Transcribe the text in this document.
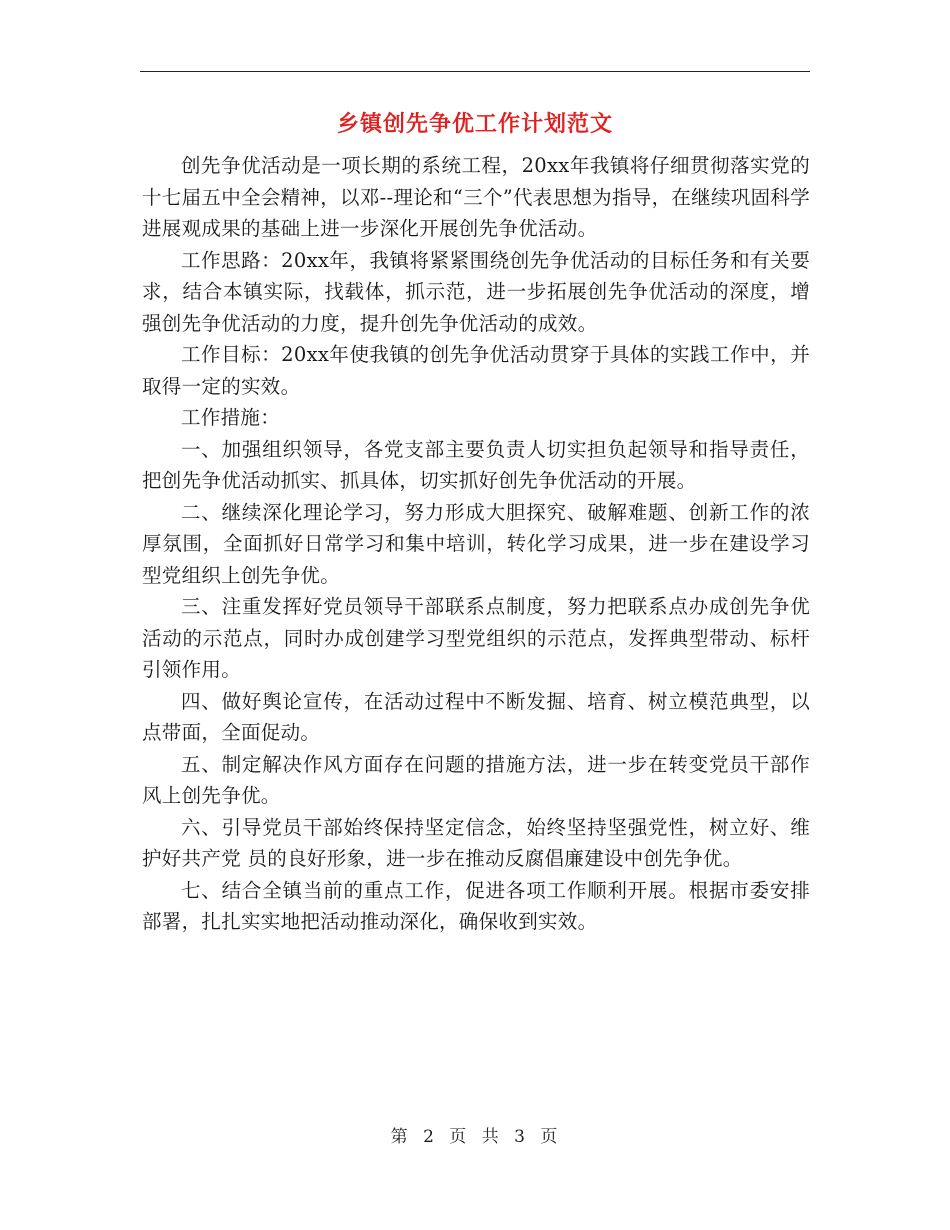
乡镇创先争优工作计划范文

创先争优活动是一项长期的系统工程，20xx年我镇将仔细贯彻落实党的十七届五中全会精神，以邓--理论和“三个”代表思想为指导，在继续巩固科学进展观成果的基础上进一步深化开展创先争优活动。

工作思路：20xx年，我镇将紧紧围绕创先争优活动的目标任务和有关要求，结合本镇实际，找载体，抓示范，进一步拓展创先争优活动的深度，增强创先争优活动的力度，提升创先争优活动的成效。

工作目标：20xx年使我镇的创先争优活动贯穿于具体的实践工作中，并取得一定的实效。

工作措施：

一、加强组织领导，各党支部主要负责人切实担负起领导和指导责任，把创先争优活动抓实、抓具体，切实抓好创先争优活动的开展。

二、继续深化理论学习，努力形成大胆探究、破解难题、创新工作的浓厚氛围，全面抓好日常学习和集中培训，转化学习成果，进一步在建设学习型党组织上创先争优。

三、注重发挥好党员领导干部联系点制度，努力把联系点办成创先争优活动的示范点，同时办成创建学习型党组织的示范点，发挥典型带动、标杆引领作用。

四、做好舆论宣传，在活动过程中不断发掘、培育、树立模范典型，以点带面，全面促动。

五、制定解决作风方面存在问题的措施方法，进一步在转变党员干部作风上创先争优。

六、引导党员干部始终保持坚定信念，始终坚持坚强党性，树立好、维护好共产党 员的良好形象，进一步在推动反腐倡廉建设中创先争优。

七、结合全镇当前的重点工作，促进各项工作顺利开展。根据市委安排部署，扎扎实实地把活动推动深化，确保收到实效。

第 2 页 共 3 页
